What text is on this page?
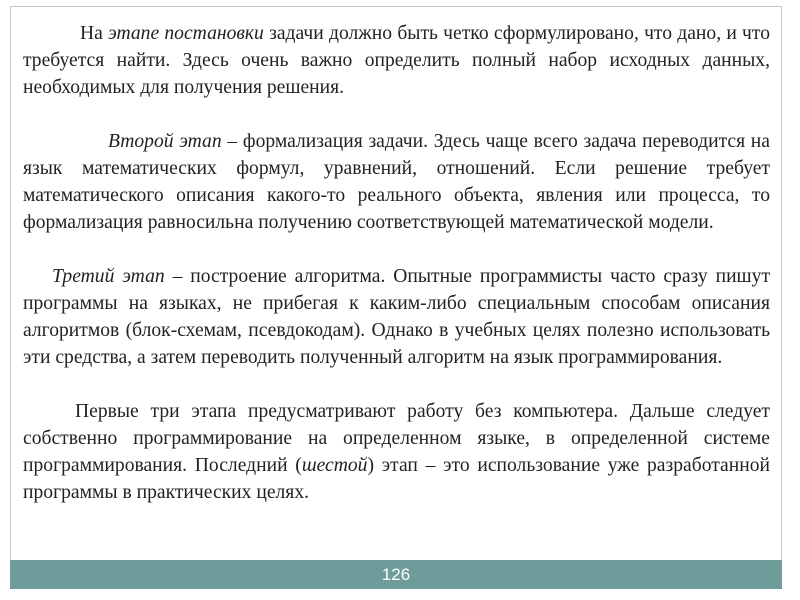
На этапе постановки задачи должно быть четко сформулировано, что дано, и что требуется найти. Здесь очень важно определить полный набор исходных данных, необходимых для получения решения.

Второй этап – формализация задачи. Здесь чаще всего задача переводится на язык математических формул, уравнений, отношений. Если решение требует математического описания какого-то реального объекта, явления или процесса, то формализация равносильна получению соответствующей математической модели.

Третий этап – построение алгоритма. Опытные программисты часто сразу пишут программы на языках, не прибегая к каким-либо специальным способам описания алгоритмов (блок-схемам, псевдокодам). Однако в учебных целях полезно использовать эти средства, а затем переводить полученный алгоритм на язык программирования.

Первые три этапа предусматривают работу без компьютера. Дальше следует собственно программирование на определенном языке, в определенной системе программирования. Последний (шестой) этап – это использование уже разработанной программы в практических целях.

126
